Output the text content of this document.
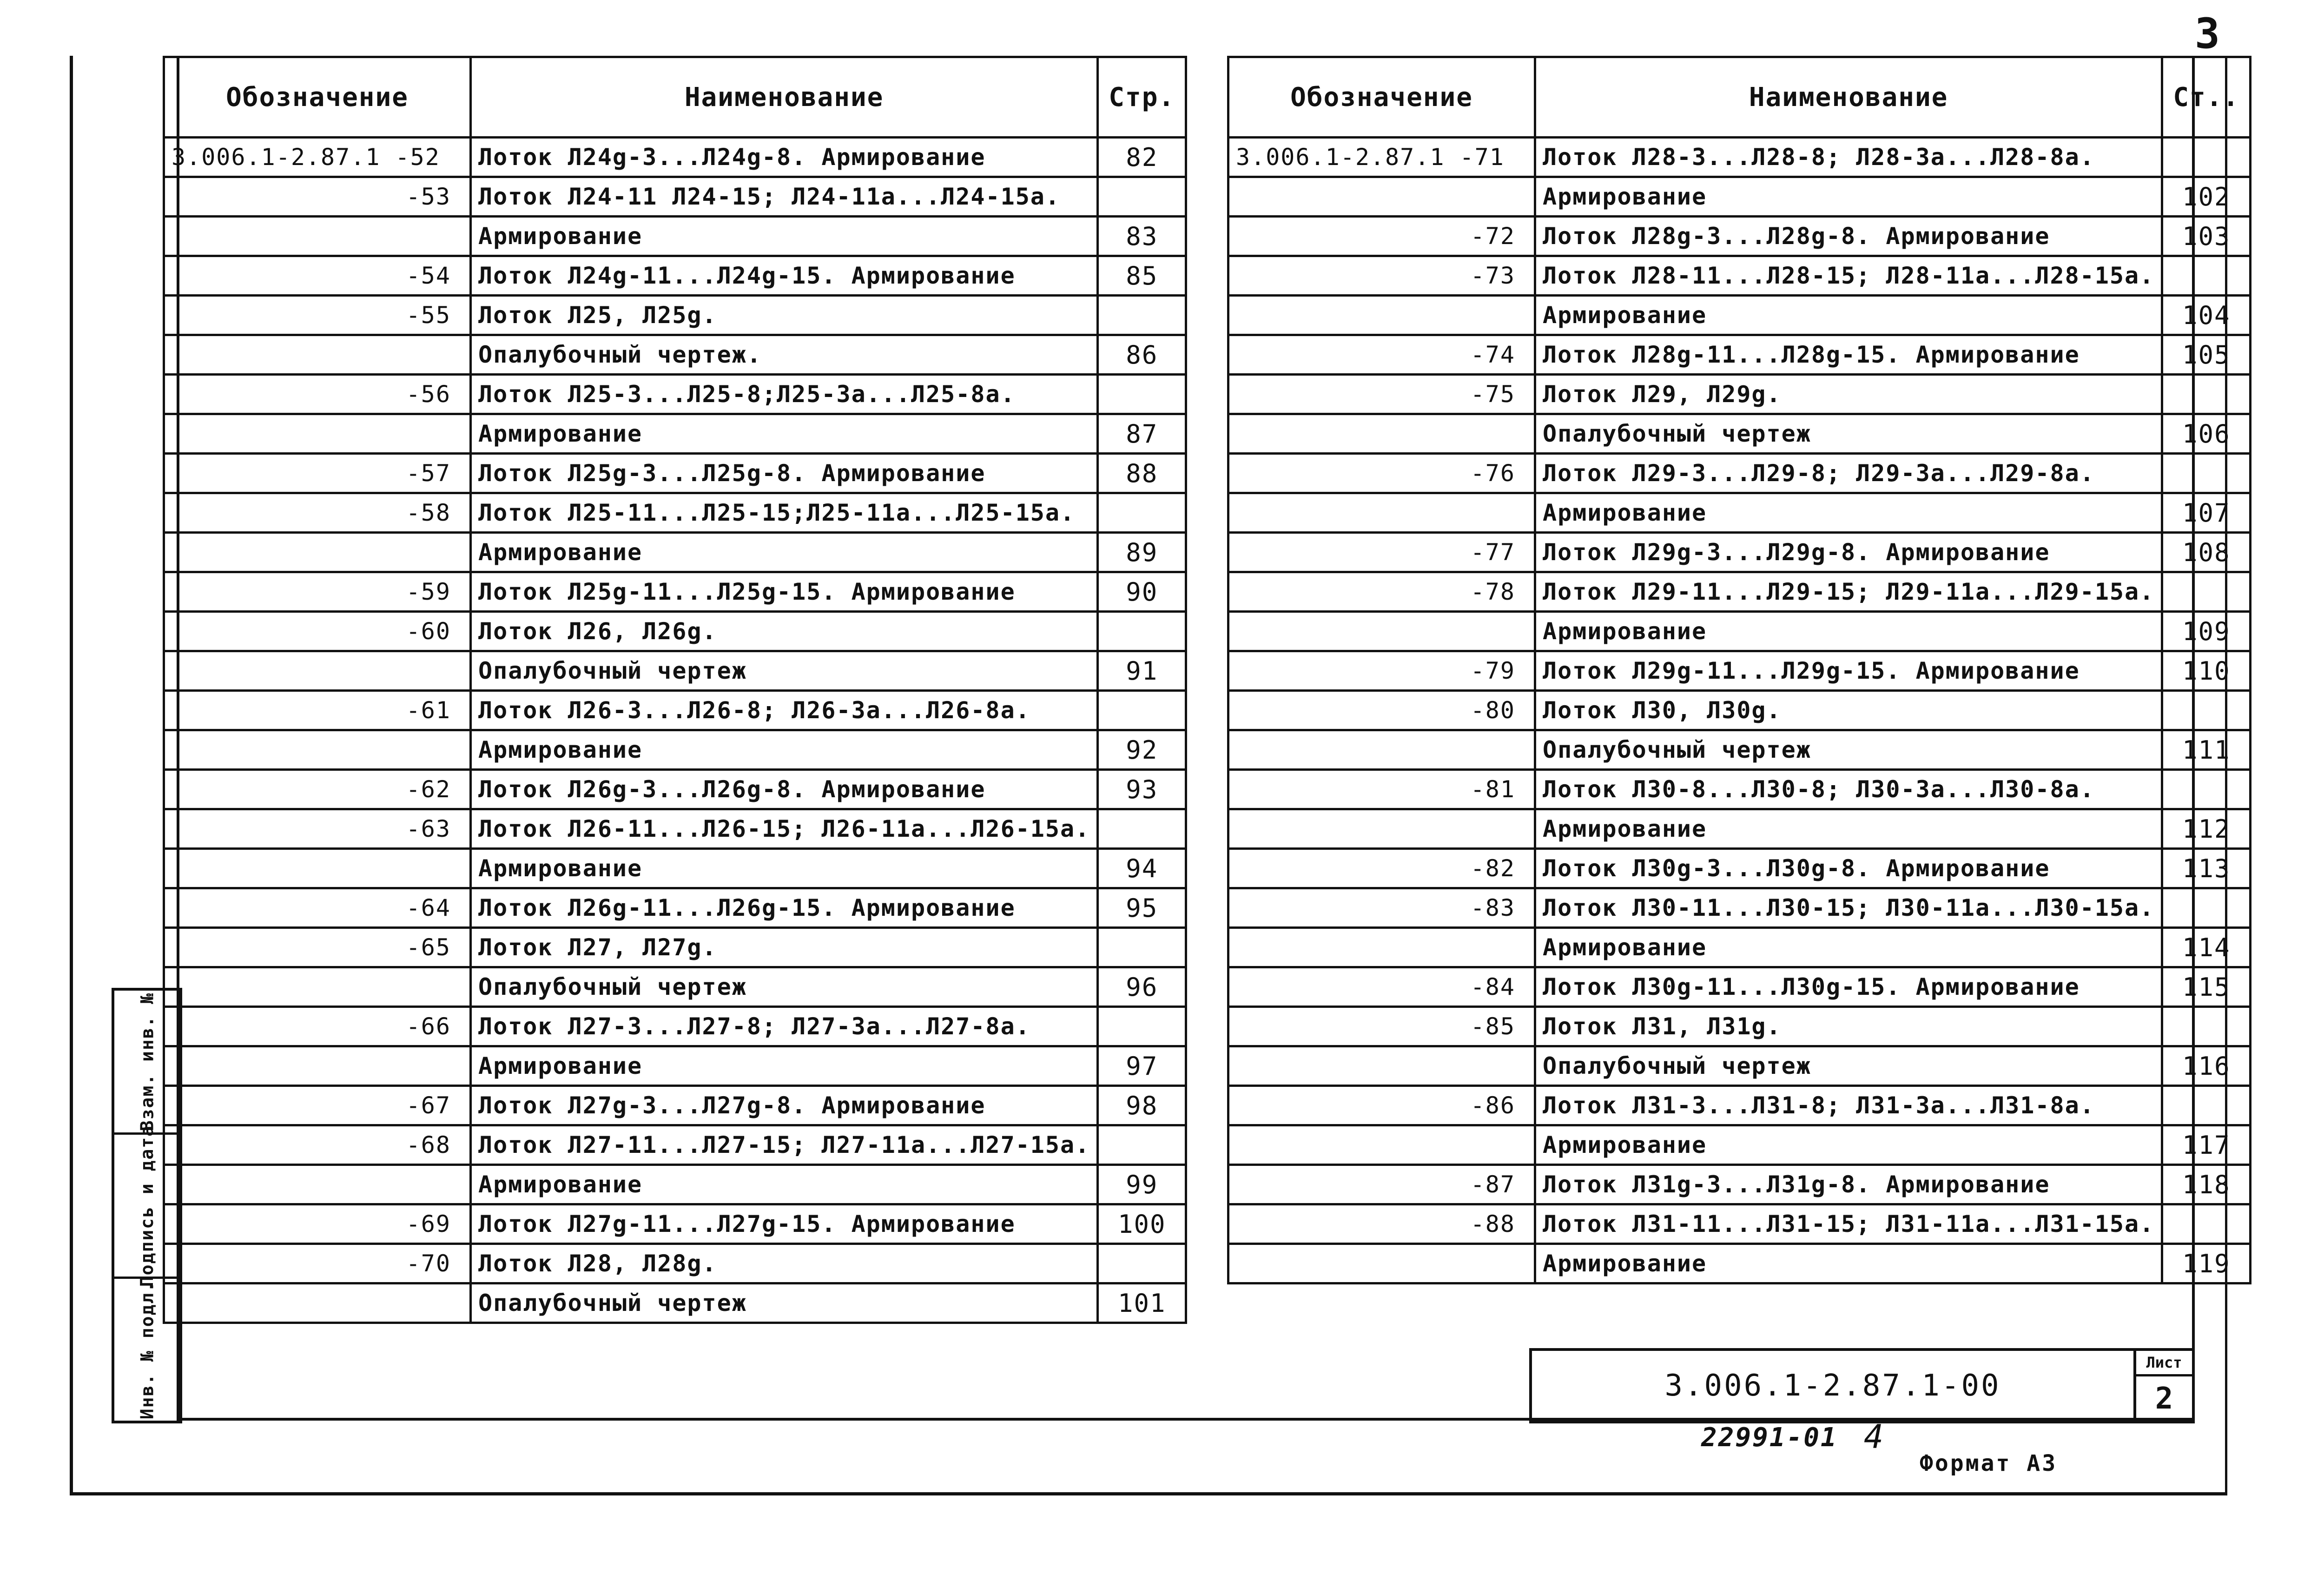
3
Обозначение	Наименование	Стр.
3.006.1-2.87.1 -52	Лоток Л24g-3...Л24g-8. Армирование	82
-53	Лоток Л24-11 Л24-15; Л24-11а...Л24-15а.	
	Армирование	83
-54	Лоток Л24g-11...Л24g-15. Армирование	85
-55	Лоток Л25, Л25g.	
	Опалубочный чертеж.	86
-56	Лоток Л25-3...Л25-8;Л25-3а...Л25-8а.	
	Армирование	87
-57	Лоток Л25g-3...Л25g-8. Армирование	88
-58	Лоток Л25-11...Л25-15;Л25-11а...Л25-15а.	
	Армирование	89
-59	Лоток Л25g-11...Л25g-15. Армирование	90
-60	Лоток Л26, Л26g.	
	Опалубочный чертеж	91
-61	Лоток Л26-3...Л26-8; Л26-3а...Л26-8а.	
	Армирование	92
-62	Лоток Л26g-3...Л26g-8. Армирование	93
-63	Лоток Л26-11...Л26-15; Л26-11а...Л26-15а.	
	Армирование	94
-64	Лоток Л26g-11...Л26g-15. Армирование	95
-65	Лоток Л27, Л27g.	
	Опалубочный чертеж	96
-66	Лоток Л27-3...Л27-8; Л27-3а...Л27-8а.	
	Армирование	97
-67	Лоток Л27g-3...Л27g-8. Армирование	98
-68	Лоток Л27-11...Л27-15; Л27-11а...Л27-15а.	
	Армирование	99
-69	Лоток Л27g-11...Л27g-15. Армирование	100
-70	Лоток Л28, Л28g.	
	Опалубочный чертеж	101
Обозначение	Наименование	Ст..
3.006.1-2.87.1 -71	Лоток Л28-3...Л28-8; Л28-3а...Л28-8а.	
	Армирование	102
-72	Лоток Л28g-3...Л28g-8. Армирование	103
-73	Лоток Л28-11...Л28-15; Л28-11а...Л28-15а.	
	Армирование	104
-74	Лоток Л28g-11...Л28g-15. Армирование	105
-75	Лоток Л29, Л29g.	
	Опалубочный чертеж	106
-76	Лоток Л29-3...Л29-8; Л29-3а...Л29-8а.	
	Армирование	107
-77	Лоток Л29g-3...Л29g-8. Армирование	108
-78	Лоток Л29-11...Л29-15; Л29-11а...Л29-15а.	
	Армирование	109
-79	Лоток Л29g-11...Л29g-15. Армирование	110
-80	Лоток Л30, Л30g.	
	Опалубочный чертеж	111
-81	Лоток Л30-8...Л30-8; Л30-3а...Л30-8а.	
	Армирование	112
-82	Лоток Л30g-3...Л30g-8. Армирование	113
-83	Лоток Л30-11...Л30-15; Л30-11а...Л30-15а.	
	Армирование	114
-84	Лоток Л30g-11...Л30g-15. Армирование	115
-85	Лоток Л31, Л31g.	
	Опалубочный чертеж	116
-86	Лоток Л31-3...Л31-8; Л31-3а...Л31-8а.	
	Армирование	117
-87	Лоток Л31g-3...Л31g-8. Армирование	118
-88	Лоток Л31-11...Л31-15; Л31-11а...Л31-15а.	
	Армирование	119
Взам. инв. №
Подпись и дата
Инв. № подл.	3.006.1-2.87.1-00
Лист
2
22991-01 4
Формат А3
